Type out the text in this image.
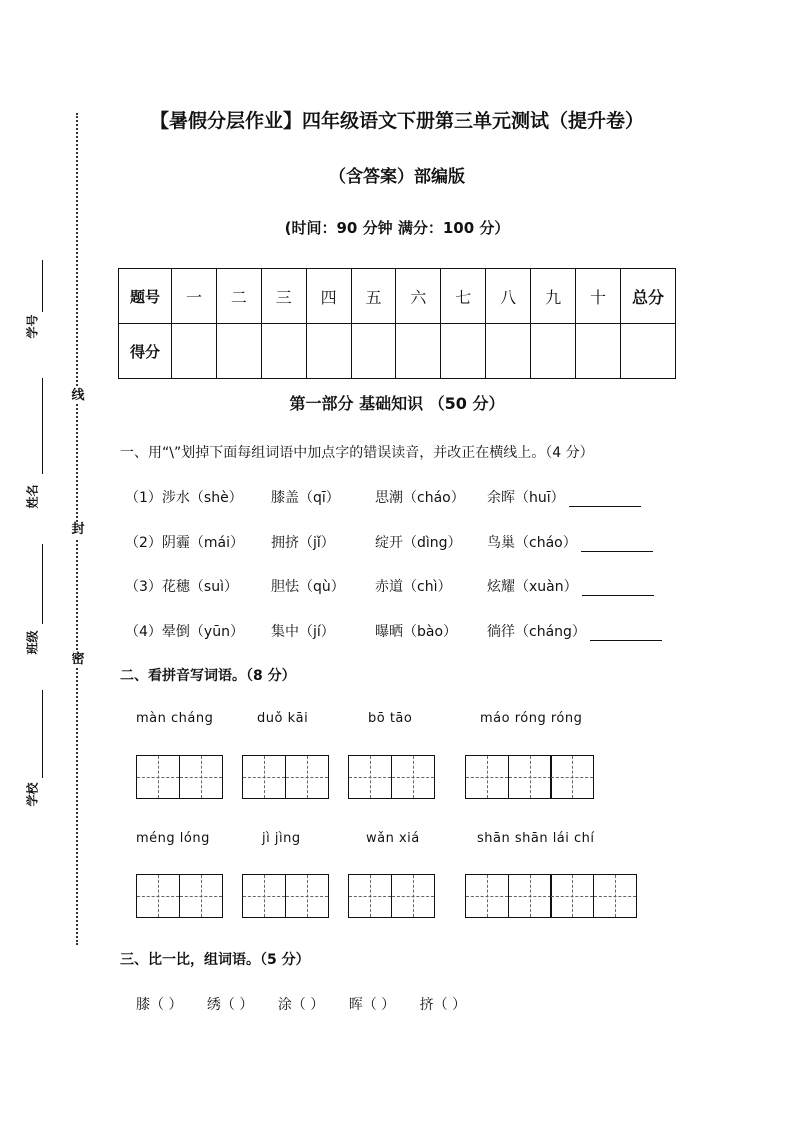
线
封
密
学号
姓名
班级
学校
【暑假分层作业】四年级语文下册第三单元测试（提升卷）
（含答案）部编版
(时间：90 分钟 满分：100 分）
题号	一	二	三	四	五	六	七	八	九	十	总分
得分											
第一部分 基础知识 （50 分）
一、用“\”划掉下面每组词语中加点字的错误读音，并改正在横线上。（4 分）
（1）涉水（shè） 膝盖（qī）	思潮（cháo） 余晖（huī）
（2）阴霾（mái） 拥挤（jǐ）	绽开（dìng） 鸟巢（cháo）
（3）花穗（suì） 胆怯（qù） 赤道（chì）	炫耀（xuàn）
（4）晕倒（yūn） 集中（jí）	曝晒（bào） 徜徉（cháng）
二、看拼音写词语。（8 分）
màn cháng	duǒ kāi	bō tāo	máo róng róng
méng lóng	jì jìng	wǎn xiá	shān shān lái chí
三、比一比，组词语。（5 分）
膝（ ） 绣（ ） 涂（ ） 晖（ ） 挤（ ）
